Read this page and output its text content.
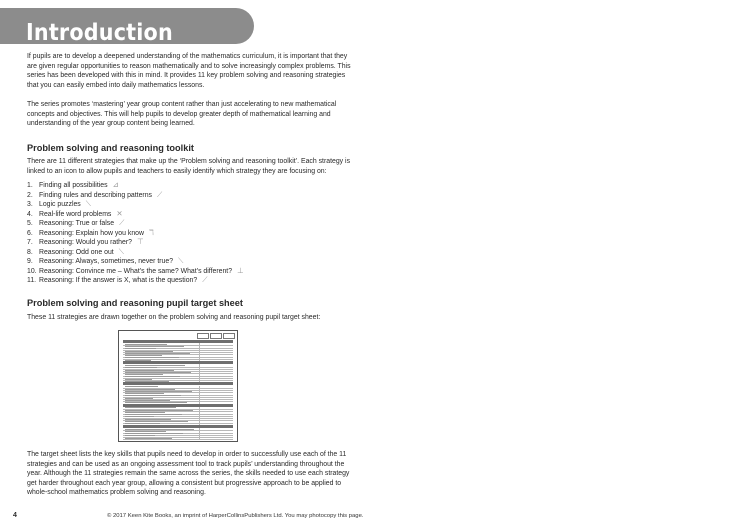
Introduction

If pupils are to develop a deepened understanding of the mathematics curriculum, it is important that they are given regular opportunities to reason mathematically and to solve increasingly complex problems. This series has been developed with this in mind. It provides 11 key problem solving and reasoning strategies that you can easily embed into daily mathematics lessons.

The series promotes ‘mastering’ year group content rather than just accelerating to new mathematical concepts and objectives. This will help pupils to develop greater depth of mathematical learning and understanding of the year group content being learned.

Problem solving and reasoning toolkit

There are 11 different strategies that make up the ‘Problem solving and reasoning toolkit’. Each strategy is linked to an icon to allow pupils and teachers to easily identify which strategy they are focusing on:

1. Finding all possibilities ⊿
2. Finding rules and describing patterns ⟋
3. Logic puzzles ⟍
4. Real-life word problems ✕
5. Reasoning: True or false ⟋
6. Reasoning: Explain how you know ℸ
7. Reasoning: Would you rather? ⊤
8. Reasoning: Odd one out ⟍
9. Reasoning: Always, sometimes, never true? ⟍
10. Reasoning: Convince me – What’s the same? What’s different? ⊥
11. Reasoning: If the answer is X, what is the question? ⟋
Problem solving and reasoning pupil target sheet

These 11 strategies are drawn together on the problem solving and reasoning pupil target sheet:

The target sheet lists the key skills that pupils need to develop in order to successfully use each of the 11 strategies and can be used as an ongoing assessment tool to track pupils’ understanding throughout the year. Although the 11 strategies remain the same across the series, the skills needed to use each strategy get harder throughout each year group, allowing a consistent but progressive approach to be applied to whole-school mathematics problem solving and reasoning.

4	© 2017 Keen Kite Books, an imprint of HarperCollinsPublishers Ltd. You may photocopy this page.
